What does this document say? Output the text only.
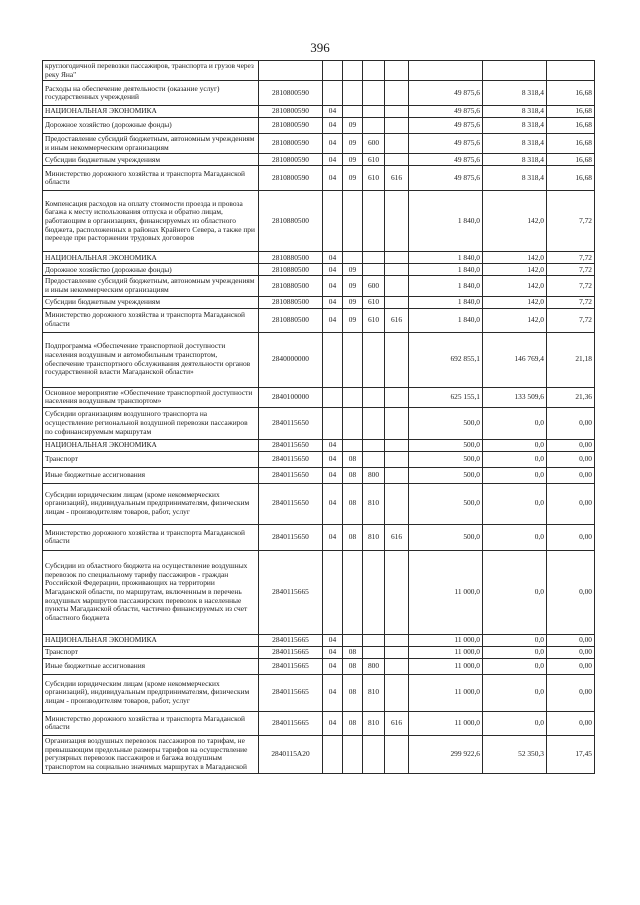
396
круглогодичной перевозки пассажиров, транспорта и грузов через реку Яна"								
Расходы на обеспечение деятельности (оказание услуг) государственных учреждений	2810800590					49 875,6	8 318,4	16,68
НАЦИОНАЛЬНАЯ ЭКОНОМИКА	2810800590	04				49 875,6	8 318,4	16,68
Дорожное хозяйство (дорожные фонды)	2810800590	04	09			49 875,6	8 318,4	16,68
Предоставление субсидий бюджетным, автономным учреждениям и иным некоммерческим организациям	2810800590	04	09	600		49 875,6	8 318,4	16,68
Субсидии бюджетным учреждениям	2810800590	04	09	610		49 875,6	8 318,4	16,68
Министерство дорожного хозяйства и транспорта Магаданской области	2810800590	04	09	610	616	49 875,6	8 318,4	16,68
Компенсация расходов на оплату стоимости проезда и провоза багажа к месту использования отпуска и обратно лицам, работающим в организациях, финансируемых из областного бюджета, расположенных в районах Крайнего Севера, а также при переезде при расторжении трудовых договоров	2810880500					1 840,0	142,0	7,72
НАЦИОНАЛЬНАЯ ЭКОНОМИКА	2810880500	04				1 840,0	142,0	7,72
Дорожное хозяйство (дорожные фонды)	2810880500	04	09			1 840,0	142,0	7,72
Предоставление субсидий бюджетным, автономным учреждениям и иным некоммерческим организациям	2810880500	04	09	600		1 840,0	142,0	7,72
Субсидии бюджетным учреждениям	2810880500	04	09	610		1 840,0	142,0	7,72
Министерство дорожного хозяйства и транспорта Магаданской области	2810880500	04	09	610	616	1 840,0	142,0	7,72
Подпрограмма «Обеспечение транспортной доступности населения воздушным и автомобильным транспортом, обеспечение транспортного обслуживания деятельности органов государственной власти Магаданской области»	2840000000					692 855,1	146 769,4	21,18
Основное мероприятие «Обеспечение транспортной доступности населения воздушным транспортом»	2840100000					625 155,1	133 509,6	21,36
Субсидии организациям воздушного транспорта на осуществление региональной воздушной перевозки пассажиров по софинансируемым маршрутам	2840115650					500,0	0,0	0,00
НАЦИОНАЛЬНАЯ ЭКОНОМИКА	2840115650	04				500,0	0,0	0,00
Транспорт	2840115650	04	08			500,0	0,0	0,00
Иные бюджетные ассигнования	2840115650	04	08	800		500,0	0,0	0,00
Субсидии юридическим лицам (кроме некоммерческих организаций), индивидуальным предпринимателям, физическим лицам - производителям товаров, работ, услуг	2840115650	04	08	810		500,0	0,0	0,00
Министерство дорожного хозяйства и транспорта Магаданской области	2840115650	04	08	810	616	500,0	0,0	0,00
Субсидии из областного бюджета на осуществление воздушных перевозок по специальному тарифу пассажиров - граждан Российской Федерации, проживающих на территории Магаданской области, по маршрутам, включенным в перечень воздушных маршрутов пассажирских перевозок в населенные пункты Магаданской области, частично финансируемых из счет областного бюджета	2840115665					11 000,0	0,0	0,00
НАЦИОНАЛЬНАЯ ЭКОНОМИКА	2840115665	04				11 000,0	0,0	0,00
Транспорт	2840115665	04	08			11 000,0	0,0	0,00
Иные бюджетные ассигнования	2840115665	04	08	800		11 000,0	0,0	0,00
Субсидии юридическим лицам (кроме некоммерческих организаций), индивидуальным предпринимателям, физическим лицам - производителям товаров, работ, услуг	2840115665	04	08	810		11 000,0	0,0	0,00
Министерство дорожного хозяйства и транспорта Магаданской области	2840115665	04	08	810	616	11 000,0	0,0	0,00
Организация воздушных перевозок пассажиров по тарифам, не превышающим предельные размеры тарифов на осуществление регулярных перевозок пассажиров и багажа воздушным транспортом на социально значимых маршрутах в Магаданской	2840115А20					299 922,6	52 350,3	17,45
